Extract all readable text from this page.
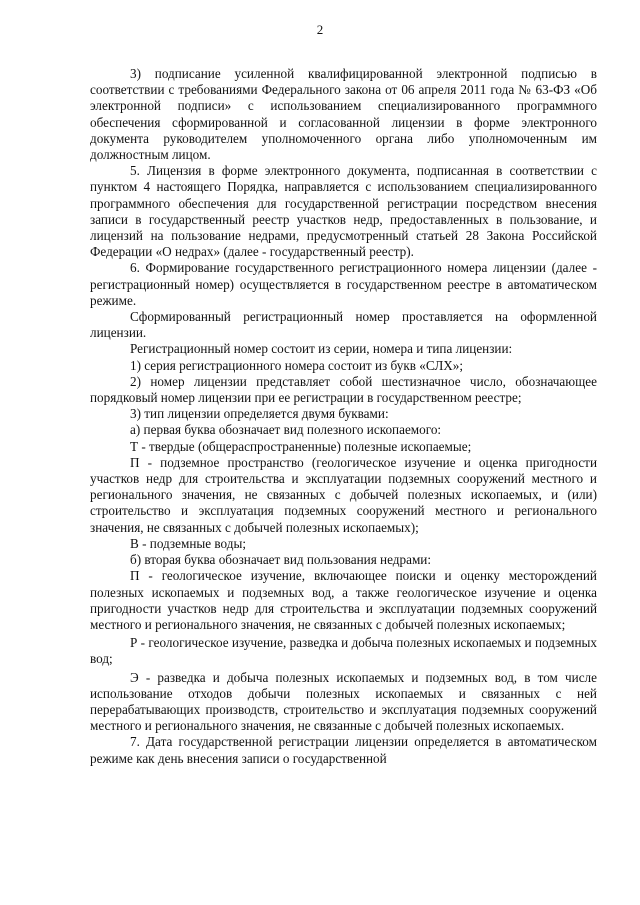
2

3) подписание усиленной квалифицированной электронной подписью в соответствии с требованиями Федерального закона от 06 апреля 2011 года № 63-ФЗ «Об электронной подписи» с использованием специализированного программного обеспечения сформированной и согласованной лицензии в форме электронного документа руководителем уполномоченного органа либо уполномоченным им должностным лицом.

5. Лицензия в форме электронного документа, подписанная в соответствии с пунктом 4 настоящего Порядка, направляется с использованием специализированного программного обеспечения для государственной регистрации посредством внесения записи в государственный реестр участков недр, предоставленных в пользование, и лицензий на пользование недрами, предусмотренный статьей 28 Закона Российской Федерации «О недрах» (далее - государственный реестр).

6. Формирование государственного регистрационного номера лицензии (далее - регистрационный номер) осуществляется в государственном реестре в автоматическом режиме.

Сформированный регистрационный номер проставляется на оформленной лицензии.

Регистрационный номер состоит из серии, номера и типа лицензии:

1) серия регистрационного номера состоит из букв «СЛХ»;

2) номер лицензии представляет собой шестизначное число, обозначающее порядковый номер лицензии при ее регистрации в государственном реестре;

3) тип лицензии определяется двумя буквами:

а) первая буква обозначает вид полезного ископаемого:

Т - твердые (общераспространенные) полезные ископаемые;

П - подземное пространство (геологическое изучение и оценка пригодности участков недр для строительства и эксплуатации подземных сооружений местного и регионального значения, не связанных с добычей полезных ископаемых, и (или) строительство и эксплуатация подземных сооружений местного и регионального значения, не связанных с добычей полезных ископаемых);

В - подземные воды;

б) вторая буква обозначает вид пользования недрами:

П - геологическое изучение, включающее поиски и оценку месторождений полезных ископаемых и подземных вод, а также геологическое изучение и оценка пригодности участков недр для строительства и эксплуатации подземных сооружений местного и регионального значения, не связанных с добычей полезных ископаемых;

Р - геологическое изучение, разведка и добыча полезных ископаемых и подземных вод;

Э - разведка и добыча полезных ископаемых и подземных вод, в том числе использование отходов добычи полезных ископаемых и связанных с ней перерабатывающих производств, строительство и эксплуатация подземных сооружений местного и регионального значения, не связанные с добычей полезных ископаемых.

7. Дата государственной регистрации лицензии определяется в автоматическом режиме как день внесения записи о государственной
